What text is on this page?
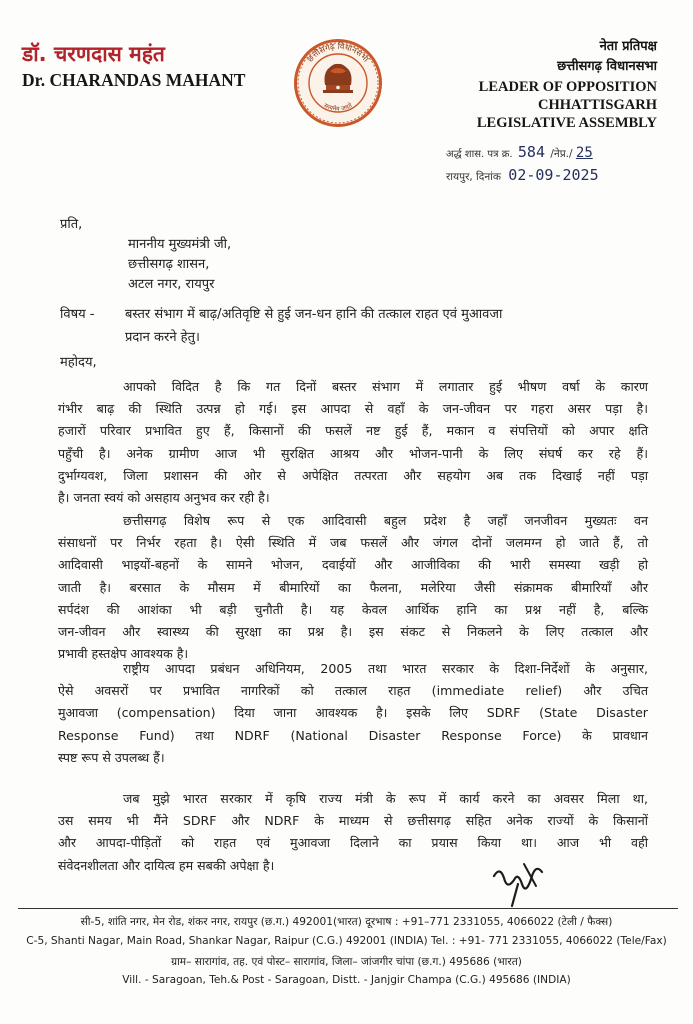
डॉ. चरणदास महंत
Dr. CHARANDAS MAHANT
छत्तीसगढ़ विधानसभा
सत्यमेव जयते
नेता प्रतिपक्ष
छत्तीसगढ़ विधानसभा
LEADER OF OPPOSITION
CHHATTISGARH
LEGISLATIVE ASSEMBLY
अर्द्ध शास. पत्र क्र. 584 /नेप्र./ 25
रायपुर, दिनांक 02-09-2025
प्रति,
माननीय मुख्यमंत्री जी,
छत्तीसगढ़ शासन,
अटल नगर, रायपुर
विषय - बस्तर संभाग में बाढ़/अतिवृष्टि से हुई जन-धन हानि की तत्काल राहत एवं मुआवजा
प्रदान करने हेतु।
महोदय,
आपको विदित है कि गत दिनों बस्तर संभाग में लगातार हुई भीषण वर्षा के कारण
गंभीर बाढ़ की स्थिति उत्पन्न हो गई। इस आपदा से वहाँ के जन-जीवन पर गहरा असर पड़ा है।
हजारों परिवार प्रभावित हुए हैं, किसानों की फसलें नष्ट हुई हैं, मकान व संपत्तियों को अपार क्षति
पहुँची है। अनेक ग्रामीण आज भी सुरक्षित आश्रय और भोजन-पानी के लिए संघर्ष कर रहे हैं।
दुर्भाग्यवश, जिला प्रशासन की ओर से अपेक्षित तत्परता और सहयोग अब तक दिखाई नहीं पड़ा
है। जनता स्वयं को असहाय अनुभव कर रही है।
छत्तीसगढ़ विशेष रूप से एक आदिवासी बहुल प्रदेश है जहाँ जनजीवन मुख्यतः वन
संसाधनों पर निर्भर रहता है। ऐसी स्थिति में जब फसलें और जंगल दोनों जलमग्न हो जाते हैं, तो
आदिवासी भाइयों-बहनों के सामने भोजन, दवाईयों और आजीविका की भारी समस्या खड़ी हो
जाती है। बरसात के मौसम में बीमारियों का फैलना, मलेरिया जैसी संक्रामक बीमारियाँ और
सर्पदंश की आशंका भी बड़ी चुनौती है। यह केवल आर्थिक हानि का प्रश्न नहीं है, बल्कि
जन-जीवन और स्वास्थ्य की सुरक्षा का प्रश्न है। इस संकट से निकलने के लिए तत्काल और
प्रभावी हस्तक्षेप आवश्यक है।
राष्ट्रीय आपदा प्रबंधन अधिनियम, 2005 तथा भारत सरकार के दिशा-निर्देशों के अनुसार,
ऐसे अवसरों पर प्रभावित नागरिकों को तत्काल राहत (immediate relief) और उचित
मुआवजा (compensation) दिया जाना आवश्यक है। इसके लिए SDRF (State Disaster
Response Fund) तथा NDRF (National Disaster Response Force) के प्रावधान
स्पष्ट रूप से उपलब्ध हैं।
जब मुझे भारत सरकार में कृषि राज्य मंत्री के रूप में कार्य करने का अवसर मिला था,
उस समय भी मैंने SDRF और NDRF के माध्यम से छत्तीसगढ़ सहित अनेक राज्यों के किसानों
और आपदा-पीड़ितों को राहत एवं मुआवजा दिलाने का प्रयास किया था। आज भी वही
संवेदनशीलता और दायित्व हम सबकी अपेक्षा है।
सी-5, शांति नगर, मेन रोड, शंकर नगर, रायपुर (छ.ग.) 492001(भारत) दूरभाष : +91–771 2331055, 4066022 (टेली / फैक्स)
C-5, Shanti Nagar, Main Road, Shankar Nagar, Raipur (C.G.) 492001 (INDIA) Tel. : +91- 771 2331055, 4066022 (Tele/Fax)
ग्राम– सारागांव, तह. एवं पोस्ट– सारागांव, जिला– जांजगीर चांपा (छ.ग.) 495686 (भारत)
Vill. - Saragoan, Teh.& Post - Saragoan, Distt. - Janjgir Champa (C.G.) 495686 (INDIA)
